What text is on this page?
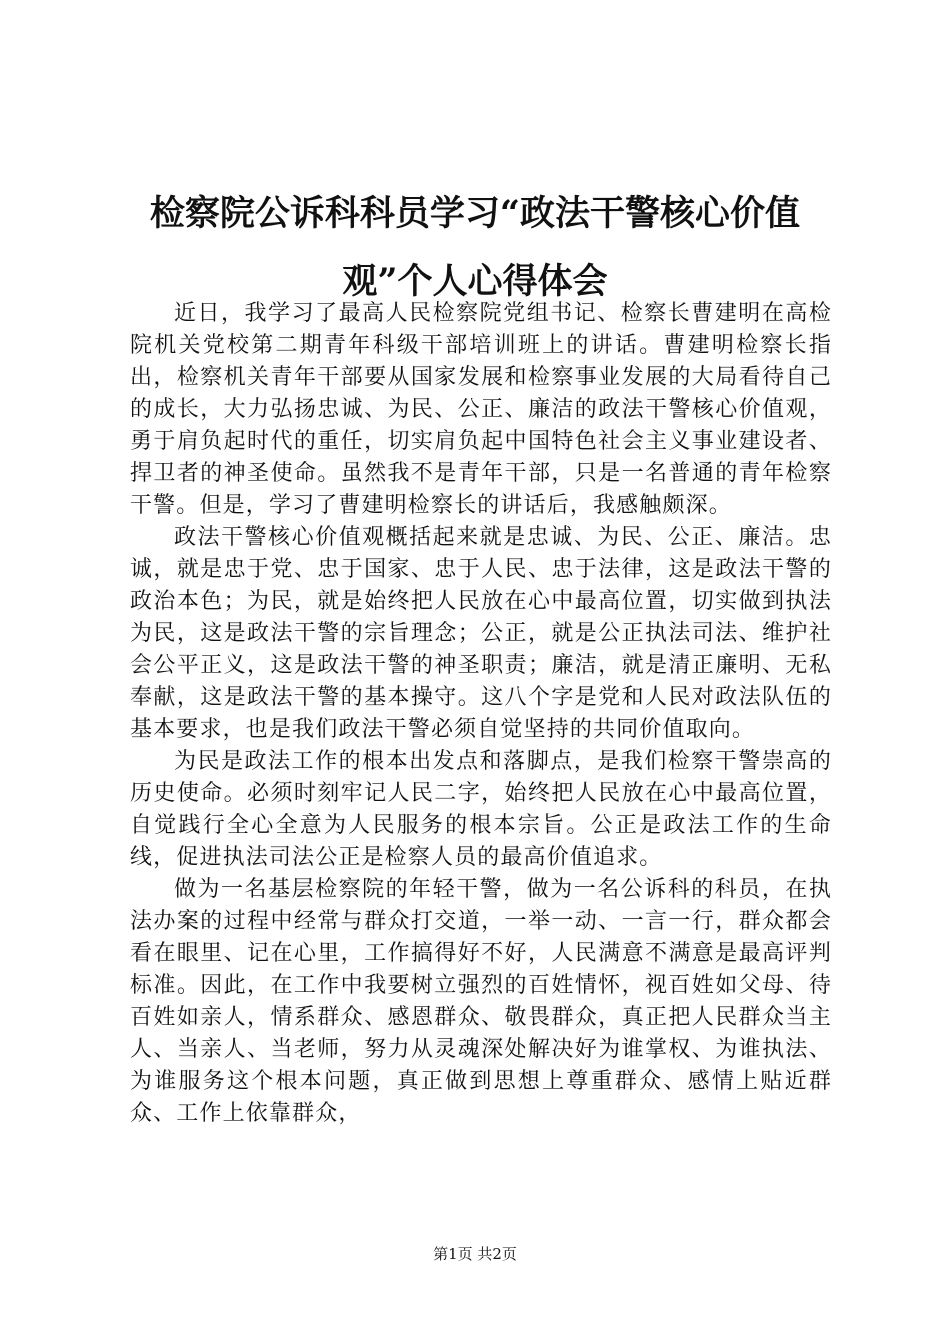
检察院公诉科科员学习“政法干警核心价值观”个人心得体会

近日，我学习了最高人民检察院党组书记、检察长曹建明在高检院机关党校第二期青年科级干部培训班上的讲话。曹建明检察长指出，检察机关青年干部要从国家发展和检察事业发展的大局看待自己的成长，大力弘扬忠诚、为民、公正、廉洁的政法干警核心价值观，勇于肩负起时代的重任，切实肩负起中国特色社会主义事业建设者、捍卫者的神圣使命。虽然我不是青年干部，只是一名普通的青年检察干警。但是，学习了曹建明检察长的讲话后，我感触颇深。

政法干警核心价值观概括起来就是忠诚、为民、公正、廉洁。忠诚，就是忠于党、忠于国家、忠于人民、忠于法律，这是政法干警的政治本色；为民，就是始终把人民放在心中最高位置，切实做到执法为民，这是政法干警的宗旨理念；公正，就是公正执法司法、维护社会公平正义，这是政法干警的神圣职责；廉洁，就是清正廉明、无私奉献，这是政法干警的基本操守。这八个字是党和人民对政法队伍的基本要求，也是我们政法干警必须自觉坚持的共同价值取向。

为民是政法工作的根本出发点和落脚点，是我们检察干警崇高的历史使命。必须时刻牢记人民二字，始终把人民放在心中最高位置，自觉践行全心全意为人民服务的根本宗旨。公正是政法工作的生命线，促进执法司法公正是检察人员的最高价值追求。

做为一名基层检察院的年轻干警，做为一名公诉科的科员，在执法办案的过程中经常与群众打交道，一举一动、一言一行，群众都会看在眼里、记在心里，工作搞得好不好，人民满意不满意是最高评判标准。因此，在工作中我要树立强烈的百姓情怀，视百姓如父母、待百姓如亲人，情系群众、感恩群众、敬畏群众，真正把人民群众当主人、当亲人、当老师，努力从灵魂深处解决好为谁掌权、为谁执法、为谁服务这个根本问题，真正做到思想上尊重群众、感情上贴近群众、工作上依靠群众，

第1页 共2页
